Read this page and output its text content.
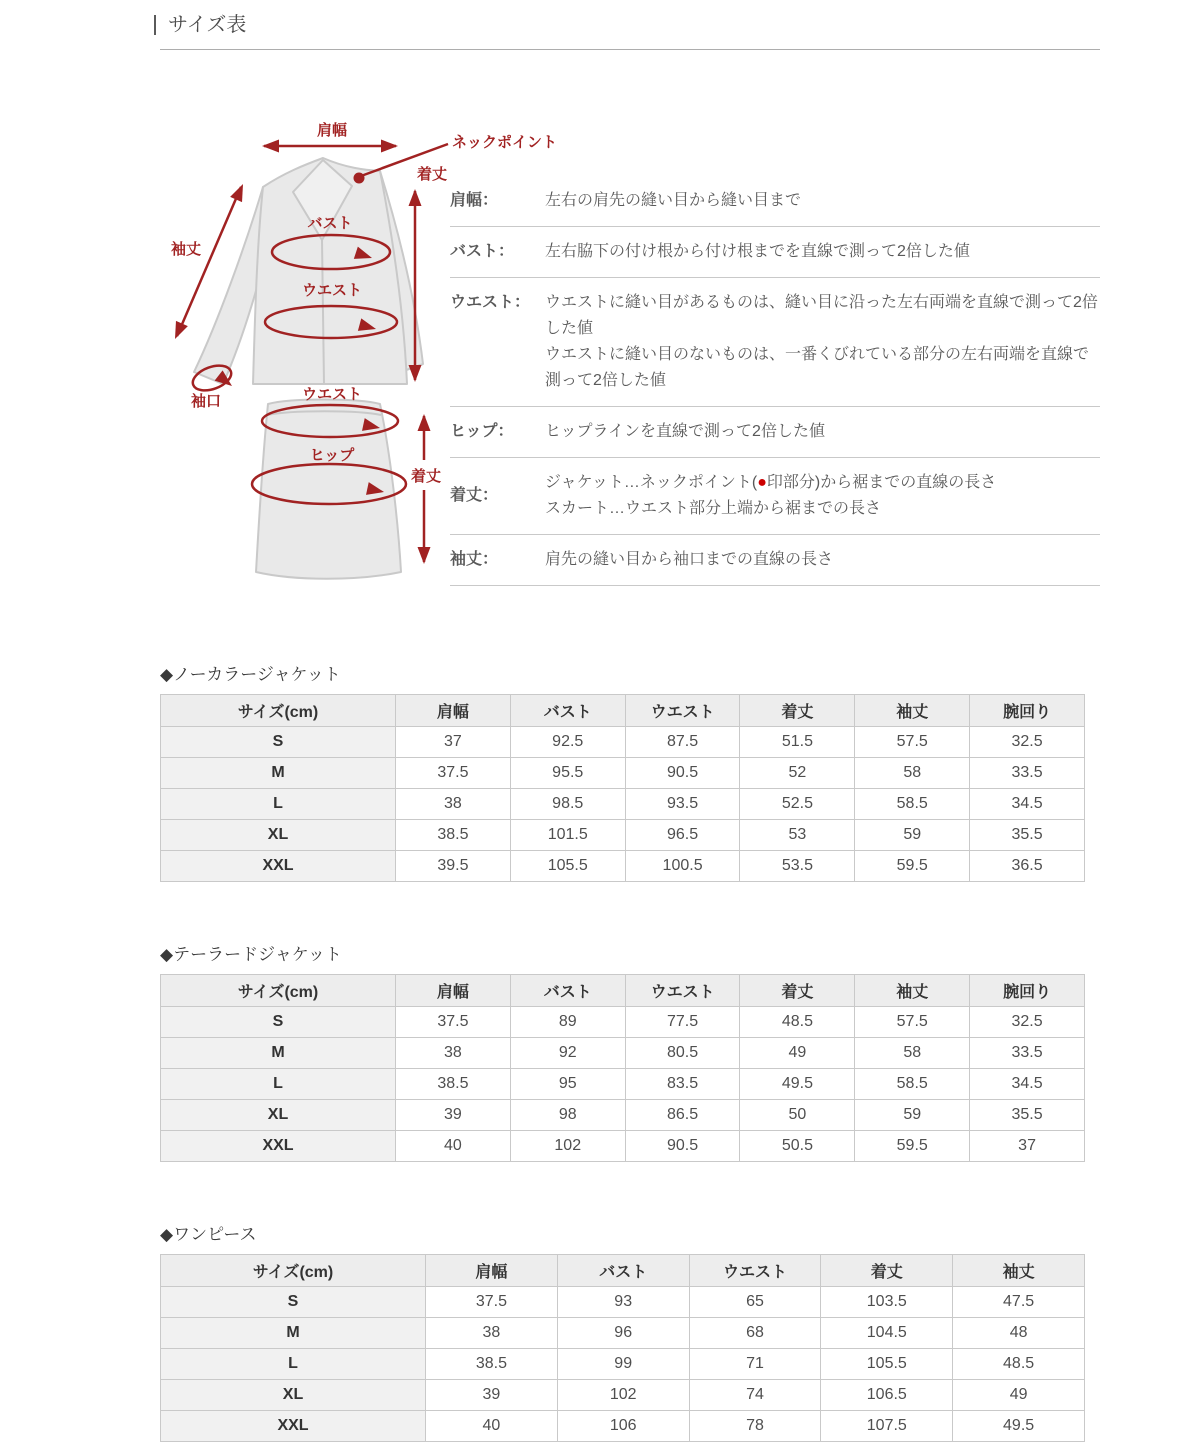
サイズ表
肩幅
ネックポイント
着丈
袖丈
バスト
ウエスト
袖口	ウエスト
ヒップ
着丈
肩幅：	左右の肩先の縫い目から縫い目まで
バスト：	左右脇下の付け根から付け根までを直線で測って2倍した値
ウエスト： ウエストに縫い目があるものは、縫い目に沿った左右両端を直線で測って2倍した値
ウエストに縫い目のないものは、一番くびれている部分の左右両端を直線で測って2倍した値
ヒップ：	ヒップラインを直線で測って2倍した値
着丈：
ジャケット…ネックポイント(●印部分)から裾までの直線の長さ
スカート…ウエスト部分上端から裾までの長さ
袖丈：	肩先の縫い目から袖口までの直線の長さ
◆ノーカラージャケット
サイズ(cm)	肩幅	バスト	ウエスト	着丈	袖丈	腕回り
S	37	92.5	87.5	51.5	57.5	32.5
M	37.5	95.5	90.5	52	58	33.5
L	38	98.5	93.5	52.5	58.5	34.5
XL	38.5	101.5	96.5	53	59	35.5
XXL	39.5	105.5	100.5	53.5	59.5	36.5
◆テーラードジャケット
サイズ(cm)	肩幅	バスト	ウエスト	着丈	袖丈	腕回り
S	37.5	89	77.5	48.5	57.5	32.5
M	38	92	80.5	49	58	33.5
L	38.5	95	83.5	49.5	58.5	34.5
XL	39	98	86.5	50	59	35.5
XXL	40	102	90.5	50.5	59.5	37
◆ワンピース
サイズ(cm)	肩幅	バスト	ウエスト	着丈	袖丈
S	37.5	93	65	103.5	47.5
M	38	96	68	104.5	48
L	38.5	99	71	105.5	48.5
XL	39	102	74	106.5	49
XXL	40	106	78	107.5	49.5
